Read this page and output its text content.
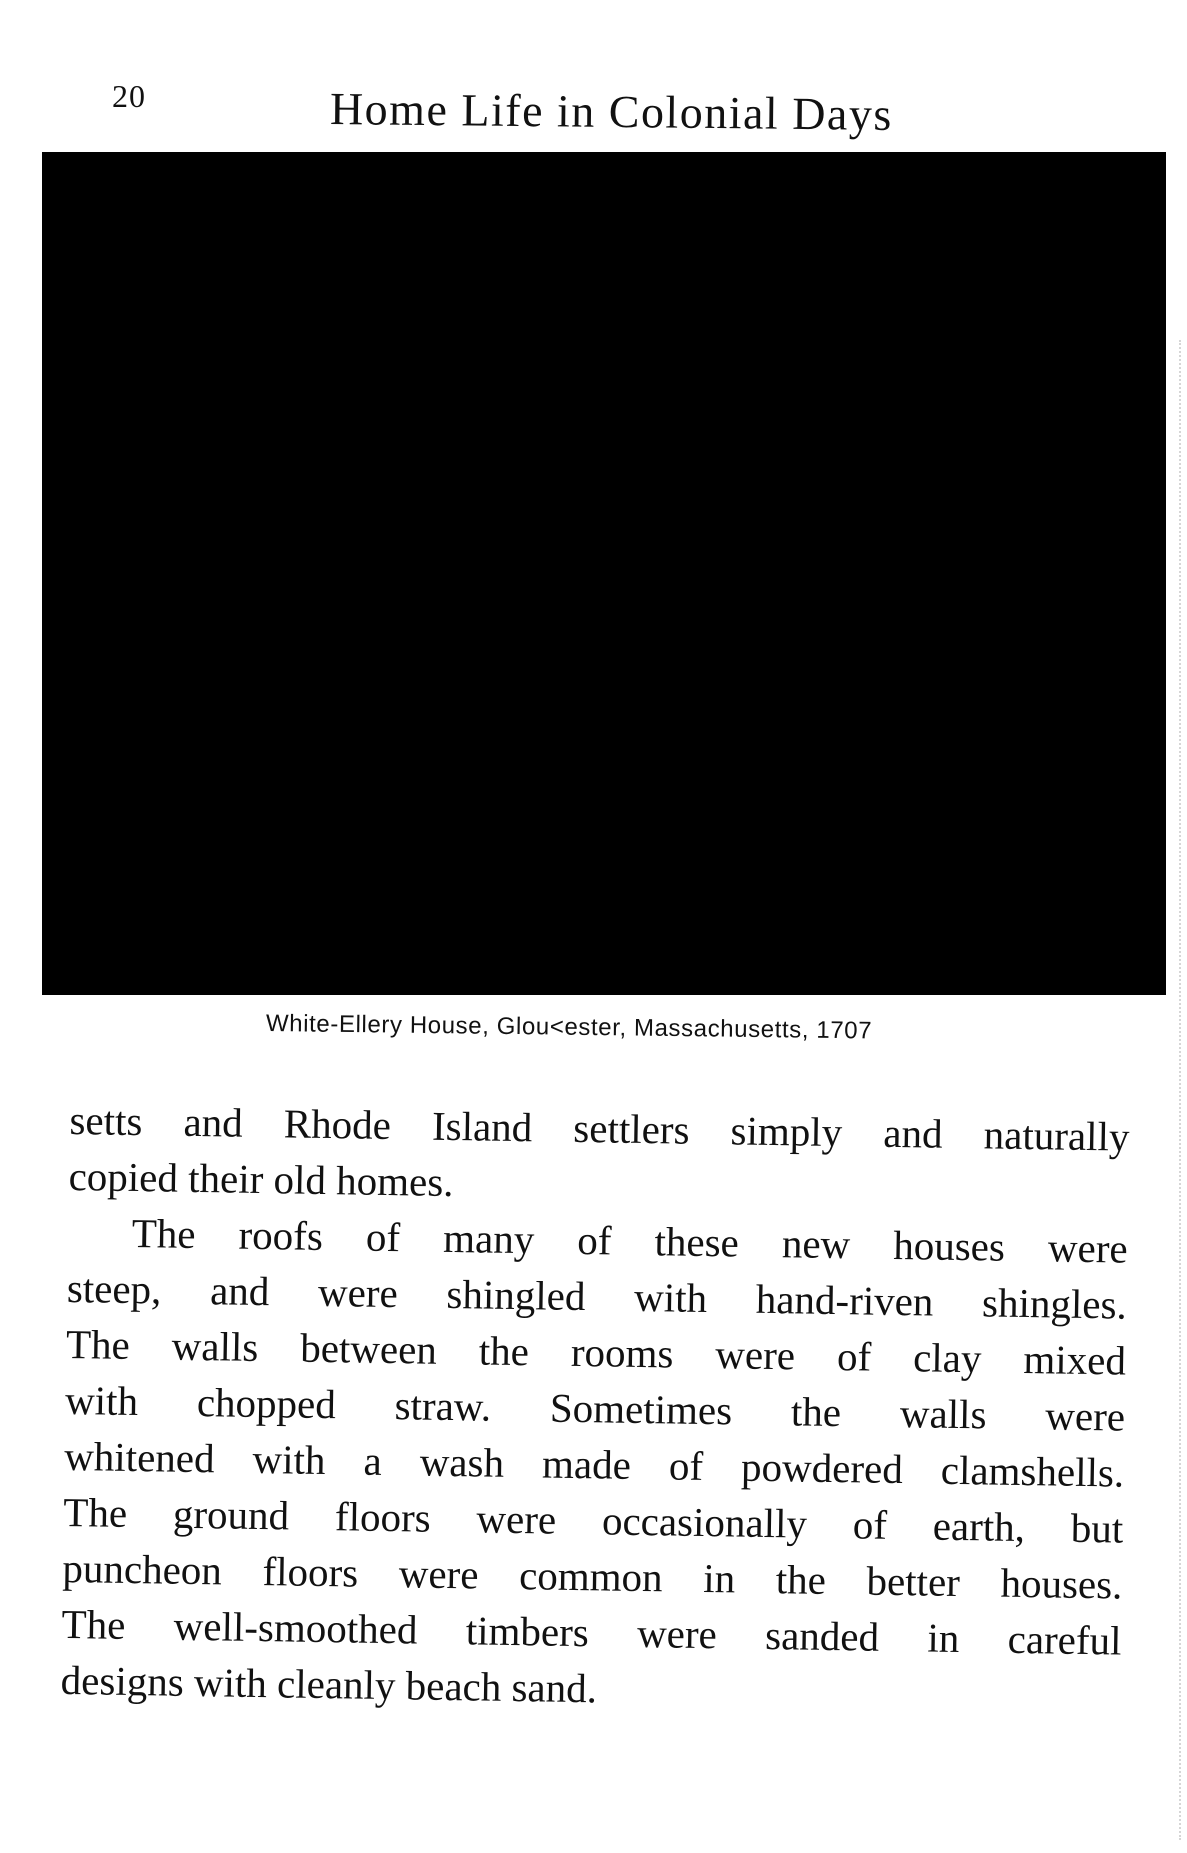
20	Home Life in Colonial Days
White-Ellery House, Glou<ester, Massachusetts, 1707
setts and Rhode Island settlers simply and naturally
copied their old homes.
The roofs of many of these new houses were
steep, and were shingled with hand-riven shingles.
The walls between the rooms were of clay mixed
with chopped straw. Sometimes the walls were
whitened with a wash made of powdered clamshells.
The ground floors were occasionally of earth, but
puncheon floors were common in the better houses.
The well-smoothed timbers were sanded in careful
designs with cleanly beach sand.
